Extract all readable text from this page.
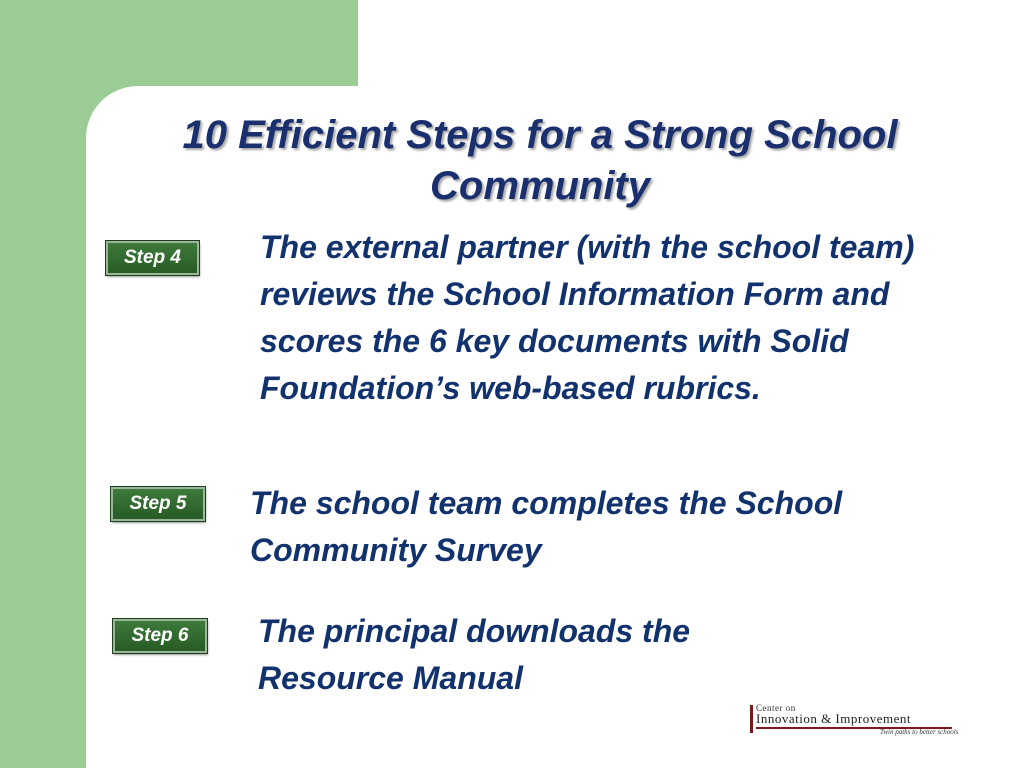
10 Efficient Steps for a Strong School Community
Step 4	The external partner (with the school team) reviews the School Information Form and scores the 6 key documents with Solid Foundation’s web-based rubrics.

Step 5	The school team completes the School Community Survey

Step 6	The principal downloads the Resource Manual

Center on
Innovation & Improvement
Twin paths to better schools
